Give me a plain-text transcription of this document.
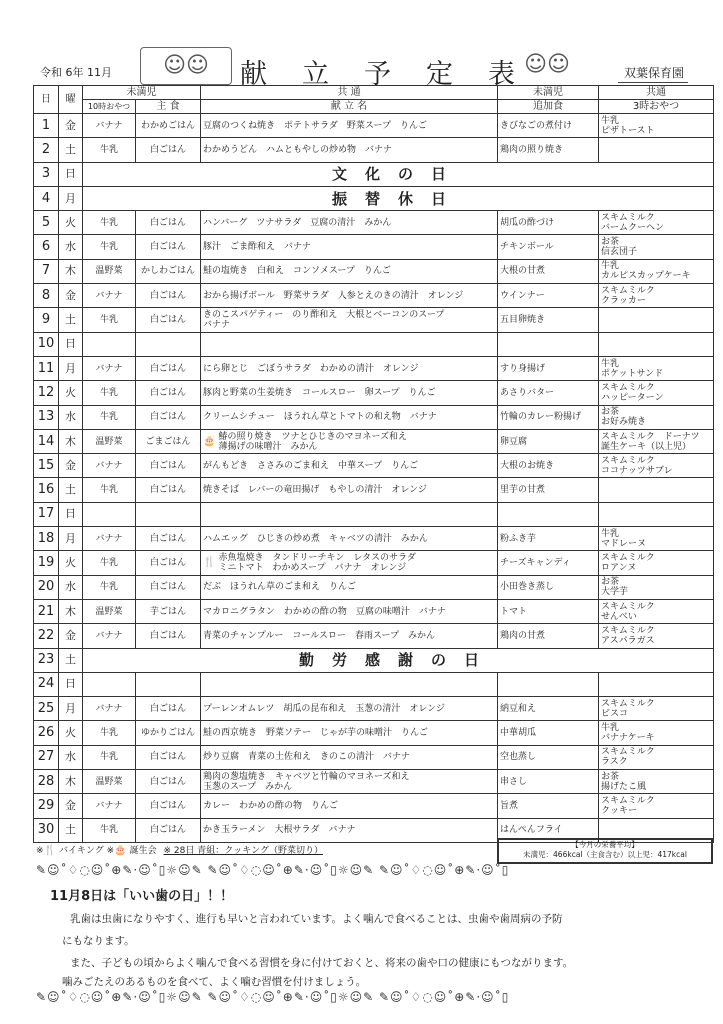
令和 6年 11月	☺☺	献 立 予 定 表 ☺☺	双葉保育園
日	曜	未満児		共 通	未満児	共通
		10時おやつ	主 食	献 立 名	追加食	3時おやつ
1	金	バナナ	わかめごはん	豆腐のつくね焼き　ポテトサラダ　野菜スープ　りんご	きびなごの煮付け	牛乳
ピザトースト
2	土	牛乳	白ごはん	わかめうどん　ハムともやしの炒め物　バナナ	鶏肉の照り焼き	
3	日	文化の日				
4	月	振替休日				
5	火	牛乳	白ごはん	ハンバーグ　ツナサラダ　豆腐の清汁　みかん	胡瓜の酢づけ	スキムミルク
バームクーヘン
6	水	牛乳	白ごはん	豚汁　ごま酢和え　バナナ	チキンボール	お茶
信玄団子
7	木	温野菜	かしわごはん	鮭の塩焼き　白和え　コンソメスープ　りんご	大根の甘煮	牛乳
カルピスカップケーキ
8	金	バナナ	白ごはん	おから揚げボール　野菜サラダ　人参とえのきの清汁　オレンジ	ウインナー	スキムミルク
クラッカー
9	土	牛乳	白ごはん	きのこスパゲティー　のり酢和え　大根とベーコンのスープ
バナナ	五目卵焼き	
10	日					
11	月	バナナ	白ごはん	にら卵とじ　ごぼうサラダ　わかめの清汁　オレンジ	すり身揚げ	牛乳
ポケットサンド
12	火	牛乳	白ごはん	豚肉と野菜の生姜焼き　コールスロー　卵スープ　りんご	あさりバター	スキムミルク
ハッピーターン
13	水	牛乳	白ごはん	クリームシチュー　ほうれん草とトマトの和え物　バナナ	竹輪のカレー粉揚げ	お茶
お好み焼き
14	木	温野菜	ごまごはん	🎂 鰆の照り焼き　ツナとひじきのマヨネーズ和え
薄揚げの味噌汁　みかん	卵豆腐	スキムミルク　ドーナツ
誕生ケーキ（以上児）
15	金	バナナ	白ごはん	がんもどき　ささみのごま和え　中華スープ　りんご	大根のお焼き	スキムミルク
ココナッツサブレ
16	土	牛乳	白ごはん	焼きそば　レバーの竜田揚げ　もやしの清汁　オレンジ	里芋の甘煮	
17	日					
18	月	バナナ	白ごはん	ハムエッグ　ひじきの炒め煮　キャベツの清汁　みかん	粉ふき芋	牛乳
マドレーヌ
19	火	牛乳	白ごはん	🍴 赤魚塩焼き　タンドリーチキン　レタスのサラダ
ミニトマト　わかめスープ　バナナ　オレンジ	チーズキャンディ	スキムミルク
ロアンヌ
20	水	牛乳	白ごはん	だぶ　ほうれん草のごま和え　りんご	小田巻き蒸し	お茶
大学芋
21	木	温野菜	芋ごはん	マカロニグラタン　わかめの酢の物　豆腐の味噌汁　バナナ	トマト	スキムミルク
せんべい
22	金	バナナ	白ごはん	青菜のチャンプルー　コールスロー　春雨スープ　みかん	鶏肉の甘煮	スキムミルク
アスパラガス
23	土	勤労感謝の日				
24	日					
25	月	バナナ	白ごはん	プーレンオムレツ　胡瓜の昆布和え　玉葱の清汁　オレンジ	納豆和え	スキムミルク
ビスコ
26	火	牛乳	ゆかりごはん	鮭の西京焼き　野菜ソテー　じゃが芋の味噌汁　りんご	中華胡瓜	牛乳
バナナケーキ
27	水	牛乳	白ごはん	炒り豆腐　青菜の土佐和え　きのこの清汁　バナナ	空也蒸し	スキムミルク
ラスク
28	木	温野菜	白ごはん	鶏肉の葱塩焼き　キャベツと竹輪のマヨネーズ和え
玉葱のスープ　みかん	串さし	お茶
揚げたこ風
29	金	バナナ	白ごはん	カレー　わかめの酢の物　りんご	旨煮	スキムミルク
クッキー
30	土	牛乳	白ごはん	かき玉ラーメン　大根サラダ　バナナ	はんぺんフライ	
※🍴 バイキング ※🎂 誕生会 ※ 28日 青組：クッキング（野菜切り）
【今月の栄養平均】
未満児：466kcal（主食含む）以上児：417kcal
✎☺˚♢◌☺˚⊕✎·☺˚▯☼☺✎ ✎☺˚♢◌☺˚⊕✎·☺˚▯☼☺✎ ✎☺˚♢◌☺˚⊕✎·☺˚▯
11月8日は「いい歯の日」！！
乳歯は虫歯になりやすく、進行も早いと言われています。よく噛んで食べることは、虫歯や歯周病の予防
にもなります。
また、子どもの頃からよく噛んで食べる習慣を身に付けておくと、将来の歯や口の健康にもつながります。
噛みごたえのあるものを食べて、よく噛む習慣を付けましょう。
✎☺˚♢◌☺˚⊕✎·☺˚▯☼☺✎ ✎☺˚♢◌☺˚⊕✎·☺˚▯☼☺✎ ✎☺˚♢◌☺˚⊕✎·☺˚▯
